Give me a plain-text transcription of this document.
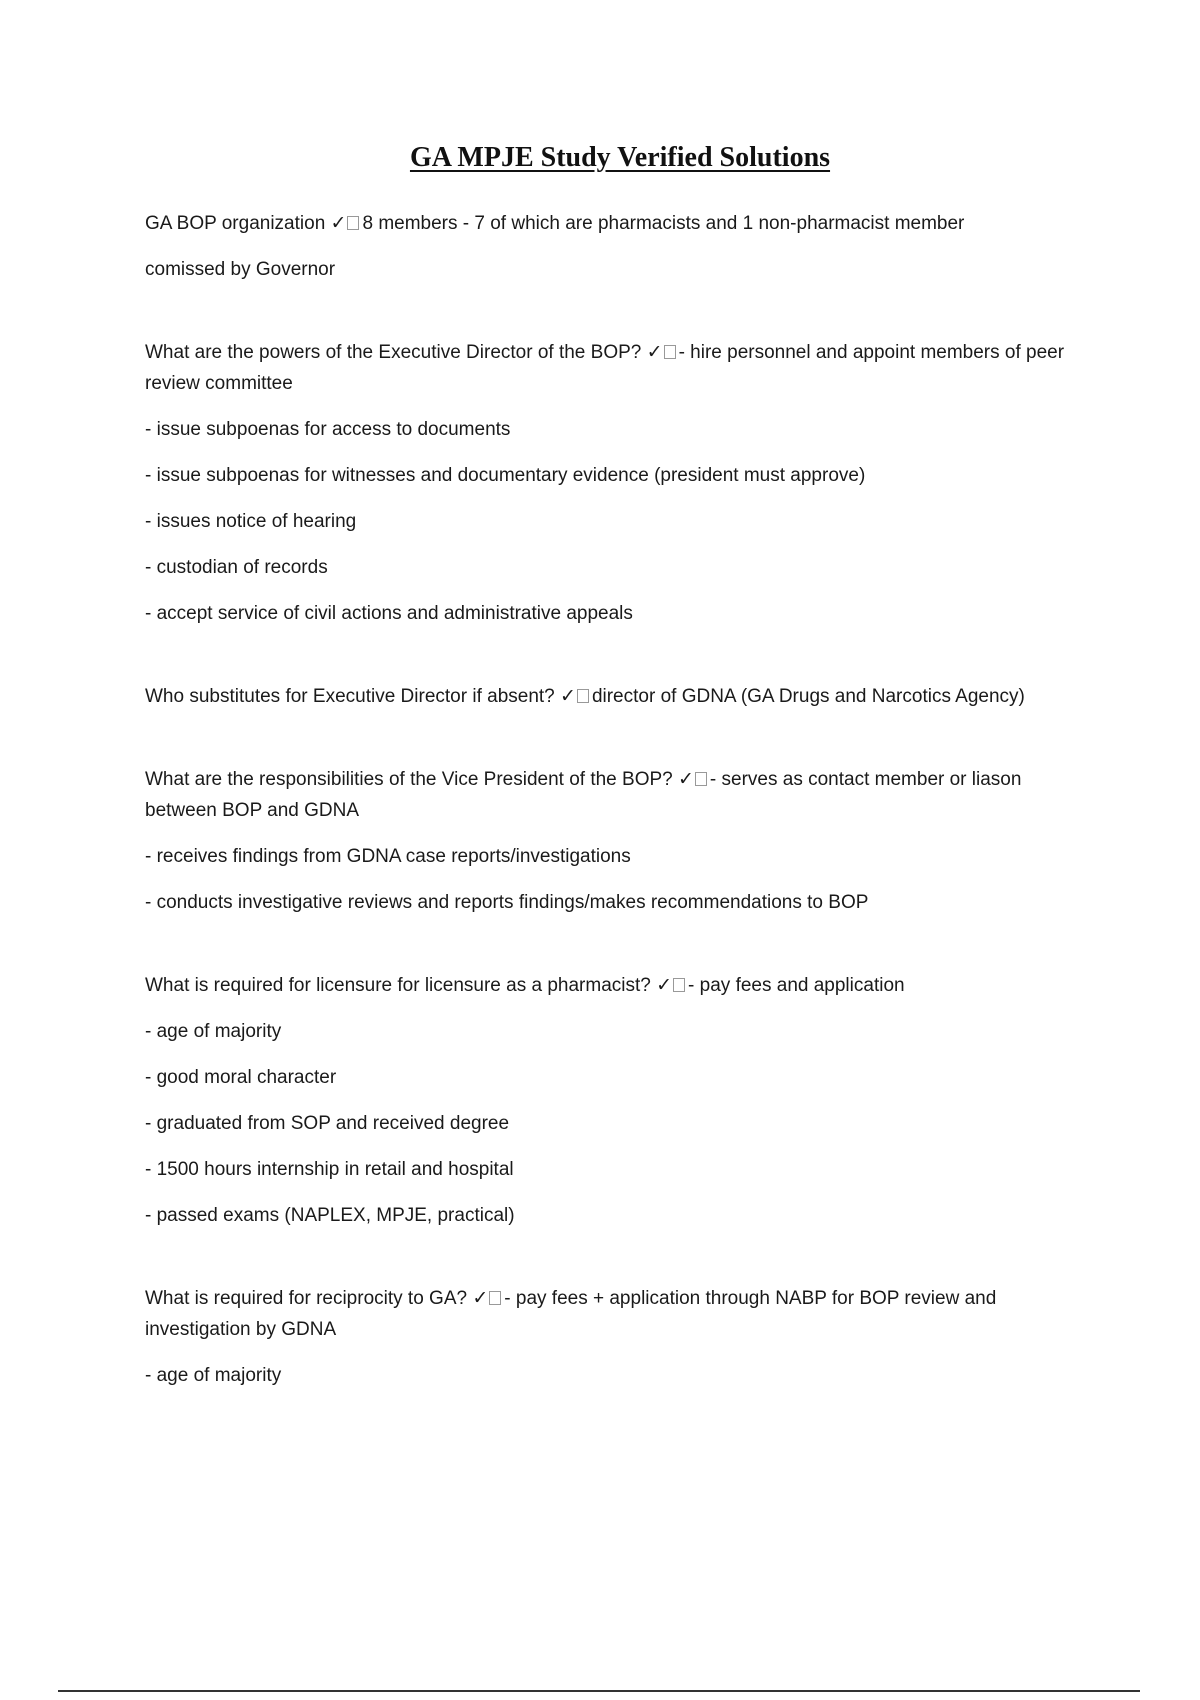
GA MPJE Study Verified Solutions
GA BOP organization ✓ 8 members - 7 of which are pharmacists and 1 non-pharmacist member
comissed by Governor
What are the powers of the Executive Director of the BOP? ✓ - hire personnel and appoint members of peer review committee
- issue subpoenas for access to documents
- issue subpoenas for witnesses and documentary evidence (president must approve)
- issues notice of hearing
- custodian of records
- accept service of civil actions and administrative appeals
Who substitutes for Executive Director if absent? ✓ director of GDNA (GA Drugs and Narcotics Agency)
What are the responsibilities of the Vice President of the BOP? ✓ - serves as contact member or liason between BOP and GDNA
- receives findings from GDNA case reports/investigations
- conducts investigative reviews and reports findings/makes recommendations to BOP
What is required for licensure for licensure as a pharmacist? ✓ - pay fees and application
- age of majority
- good moral character
- graduated from SOP and received degree
- 1500 hours internship in retail and hospital
- passed exams (NAPLEX, MPJE, practical)
What is required for reciprocity to GA? ✓ - pay fees + application through NABP for BOP review and investigation by GDNA
- age of majority
